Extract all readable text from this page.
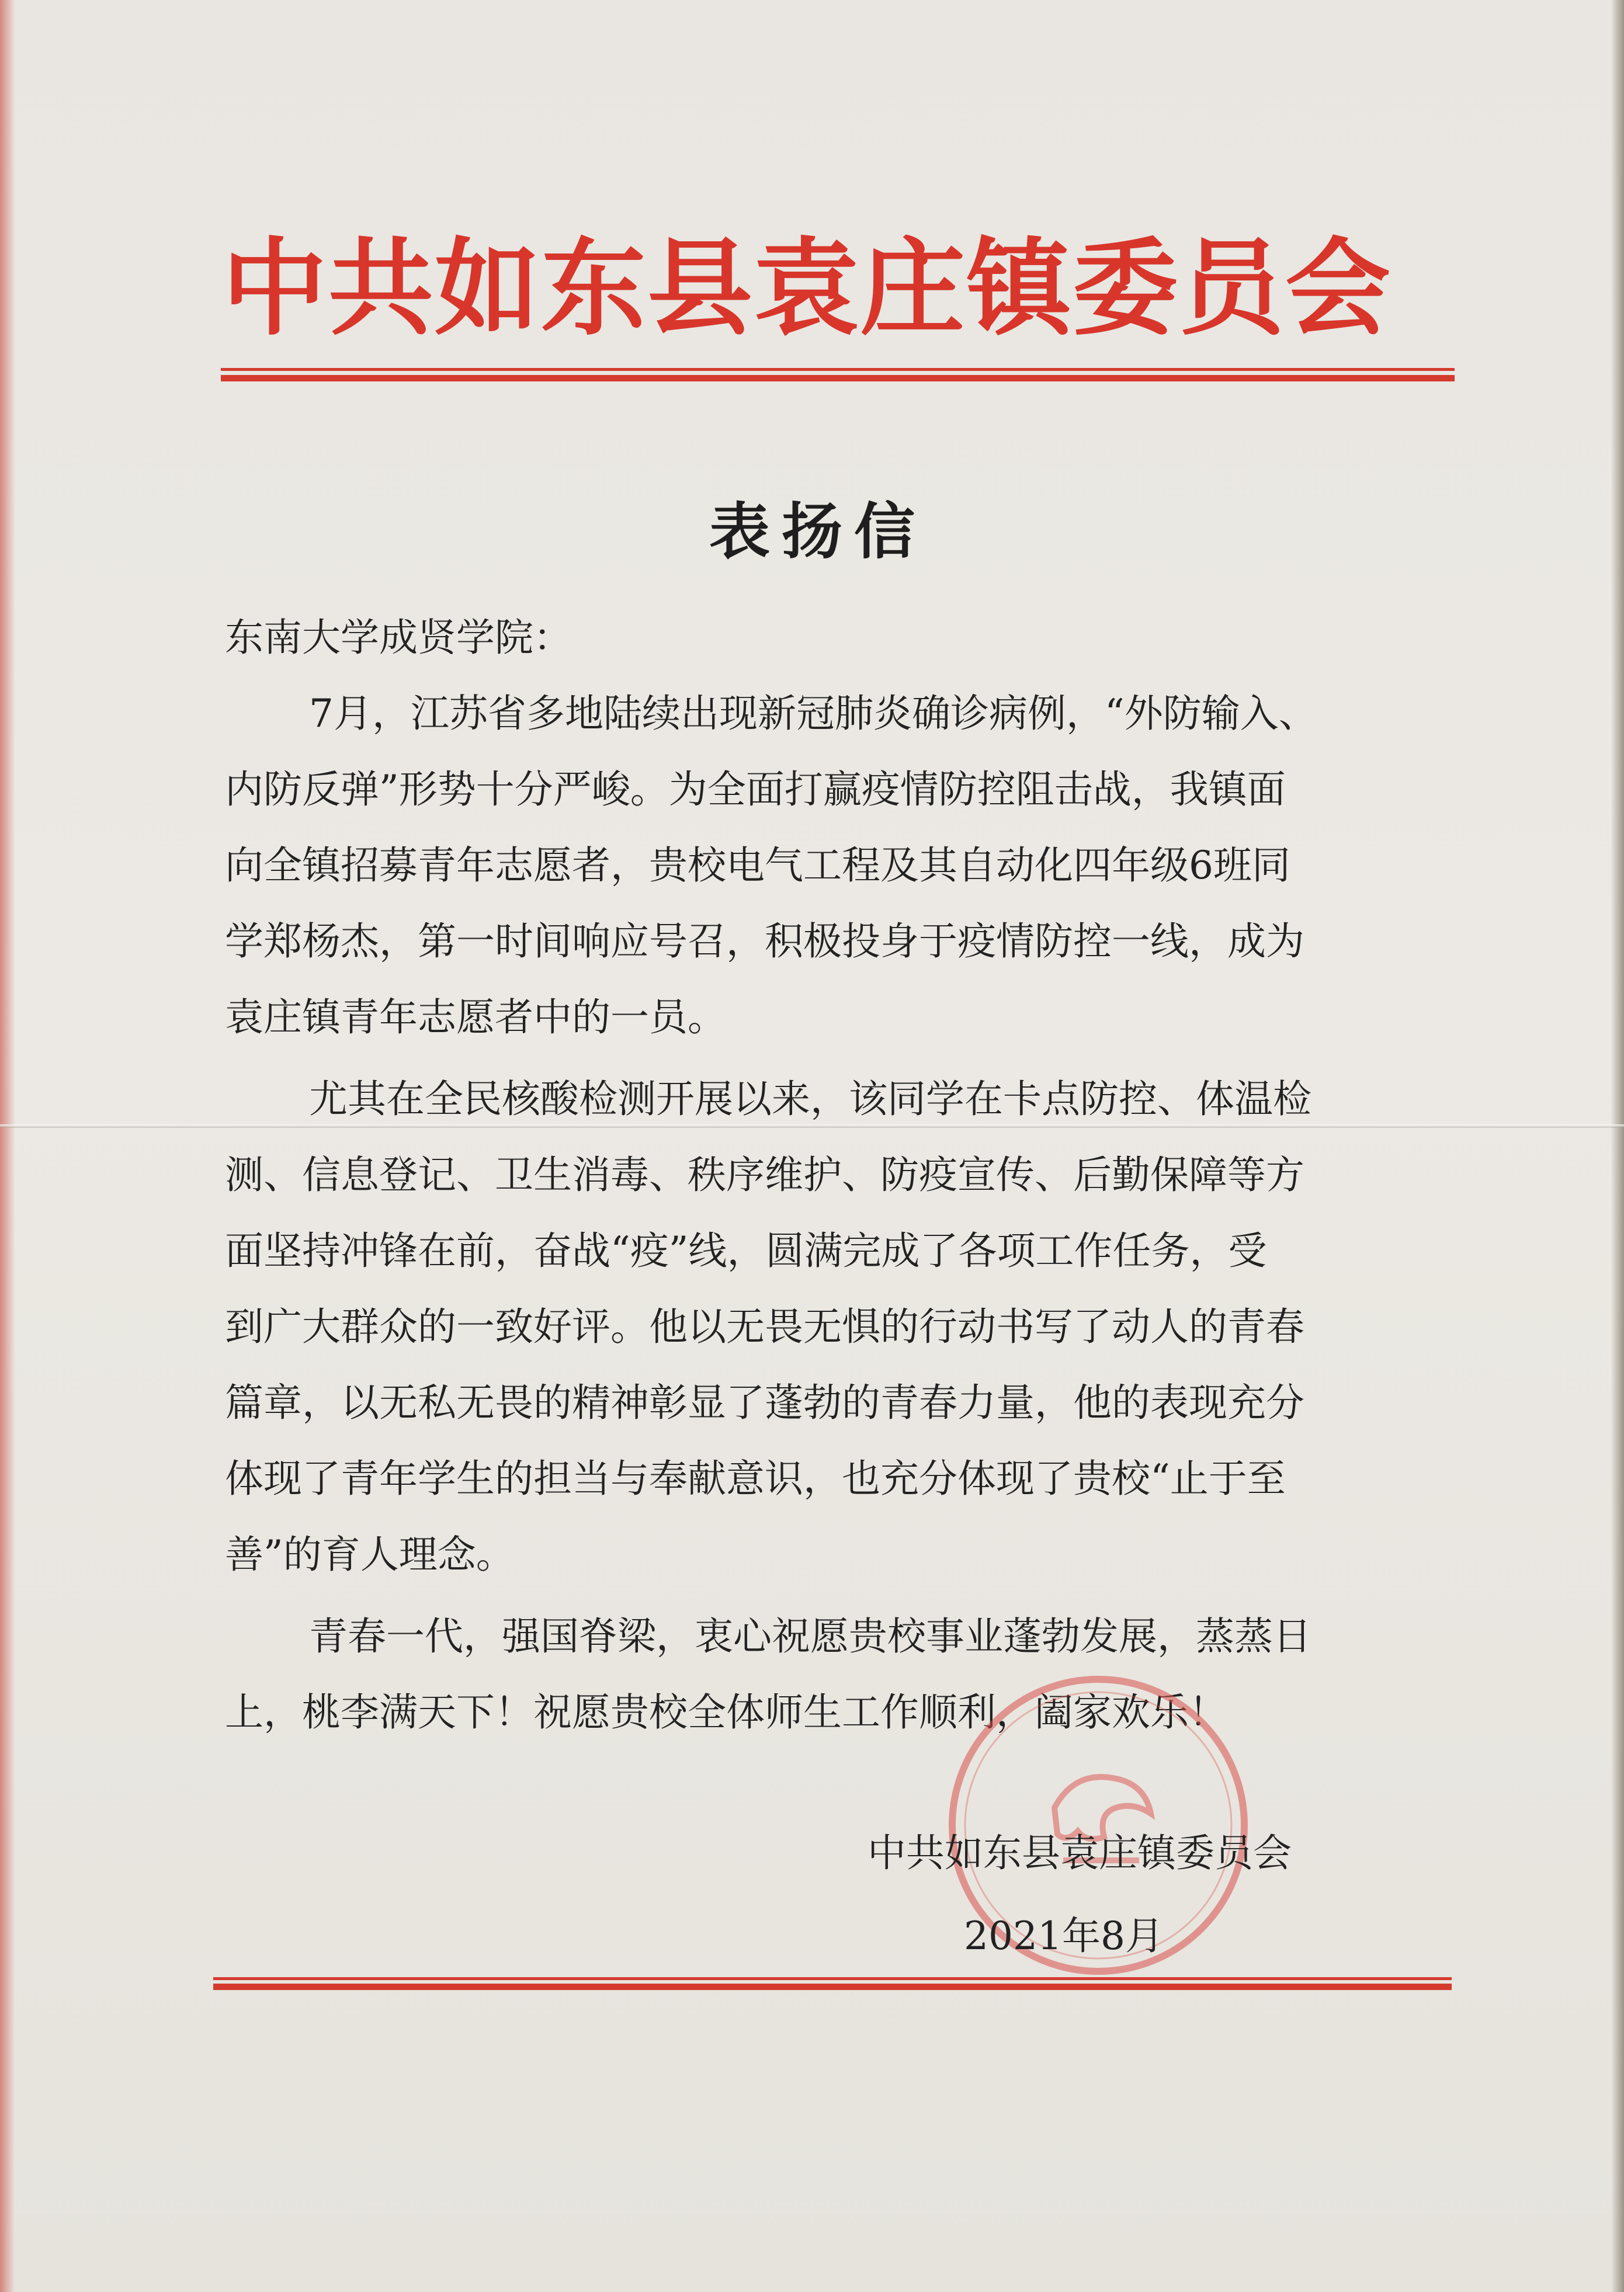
中共如东县袁庄镇委员会
表扬信
东南大学成贤学院：
7月，江苏省多地陆续出现新冠肺炎确诊病例，“外防输入、
内防反弹”形势十分严峻。为全面打赢疫情防控阻击战，我镇面
向全镇招募青年志愿者，贵校电气工程及其自动化四年级6班同
学郑杨杰，第一时间响应号召，积极投身于疫情防控一线，成为
袁庄镇青年志愿者中的一员。
尤其在全民核酸检测开展以来，该同学在卡点防控、体温检
测、信息登记、卫生消毒、秩序维护、防疫宣传、后勤保障等方
面坚持冲锋在前，奋战“疫”线，圆满完成了各项工作任务，受
到广大群众的一致好评。他以无畏无惧的行动书写了动人的青春
篇章，以无私无畏的精神彰显了蓬勃的青春力量，他的表现充分
体现了青年学生的担当与奉献意识，也充分体现了贵校“止于至
善”的育人理念。
青春一代，强国脊梁，衷心祝愿贵校事业蓬勃发展，蒸蒸日
上，桃李满天下！祝愿贵校全体师生工作顺利，阖家欢乐！
中共如东县袁庄镇委员会
2021年8月
